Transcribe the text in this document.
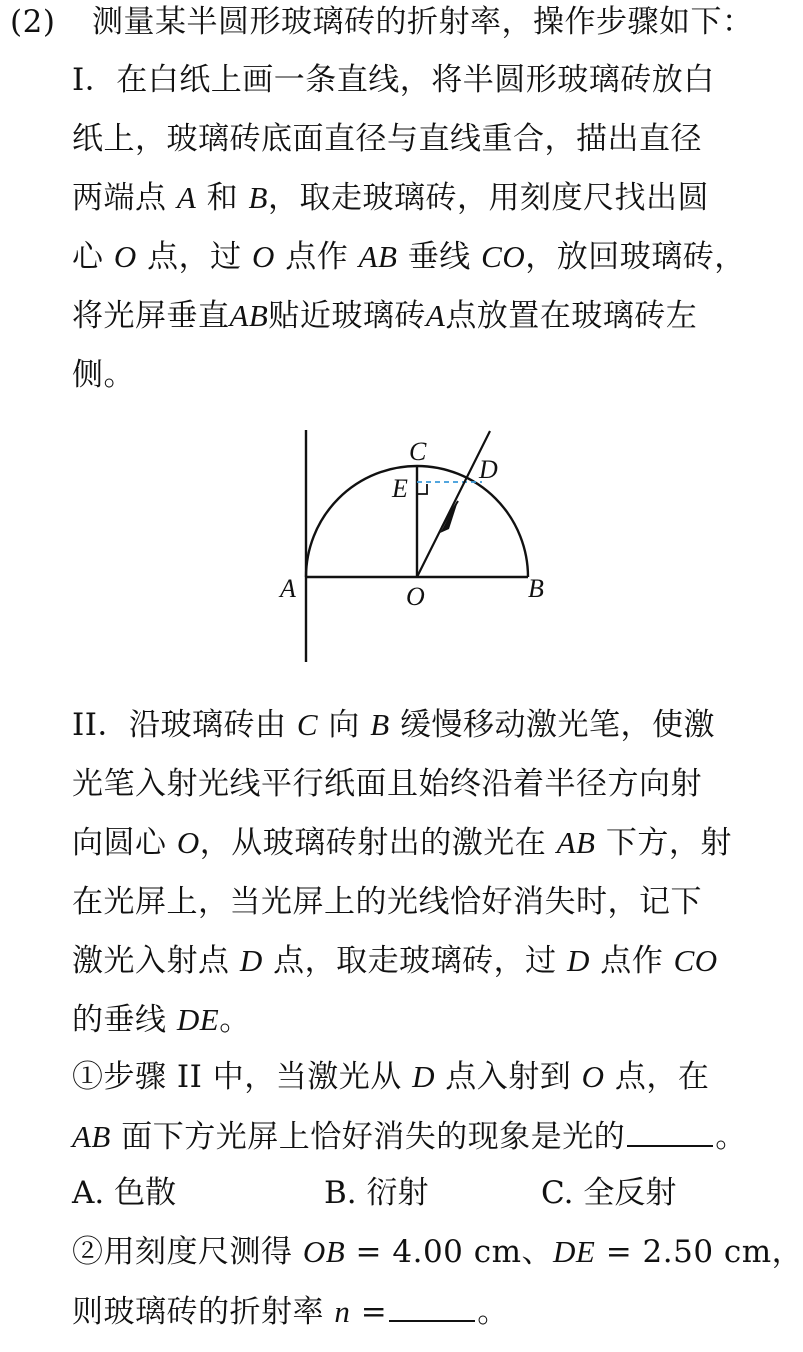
(2) 测量某半圆形玻璃砖的折射率，操作步骤如下：
I．在白纸上画一条直线，将半圆形玻璃砖放白
纸上，玻璃砖底面直径与直线重合，描出直径
两端点 A 和 B，取走玻璃砖，用刻度尺找出圆
心 O 点，过 O 点作 AB 垂线 CO，放回玻璃砖，
将光屏垂直AB贴近玻璃砖A点放置在玻璃砖左
侧。
C
E
D
A	O	B
II．沿玻璃砖由 C 向 B 缓慢移动激光笔，使激
光笔入射光线平行纸面且始终沿着半径方向射
向圆心 O，从玻璃砖射出的激光在 AB 下方，射
在光屏上，当光屏上的光线恰好消失时，记下
激光入射点 D 点，取走玻璃砖，过 D 点作 CO
的垂线 DE。
①步骤 II 中，当激光从 D 点入射到 O 点，在
AB 面下方光屏上恰好消失的现象是光的	。
A. 色散	B. 衍射	C. 全反射
②用刻度尺测得 OB = 4.00 cm、DE = 2.50 cm，
则玻璃砖的折射率 n =	。
